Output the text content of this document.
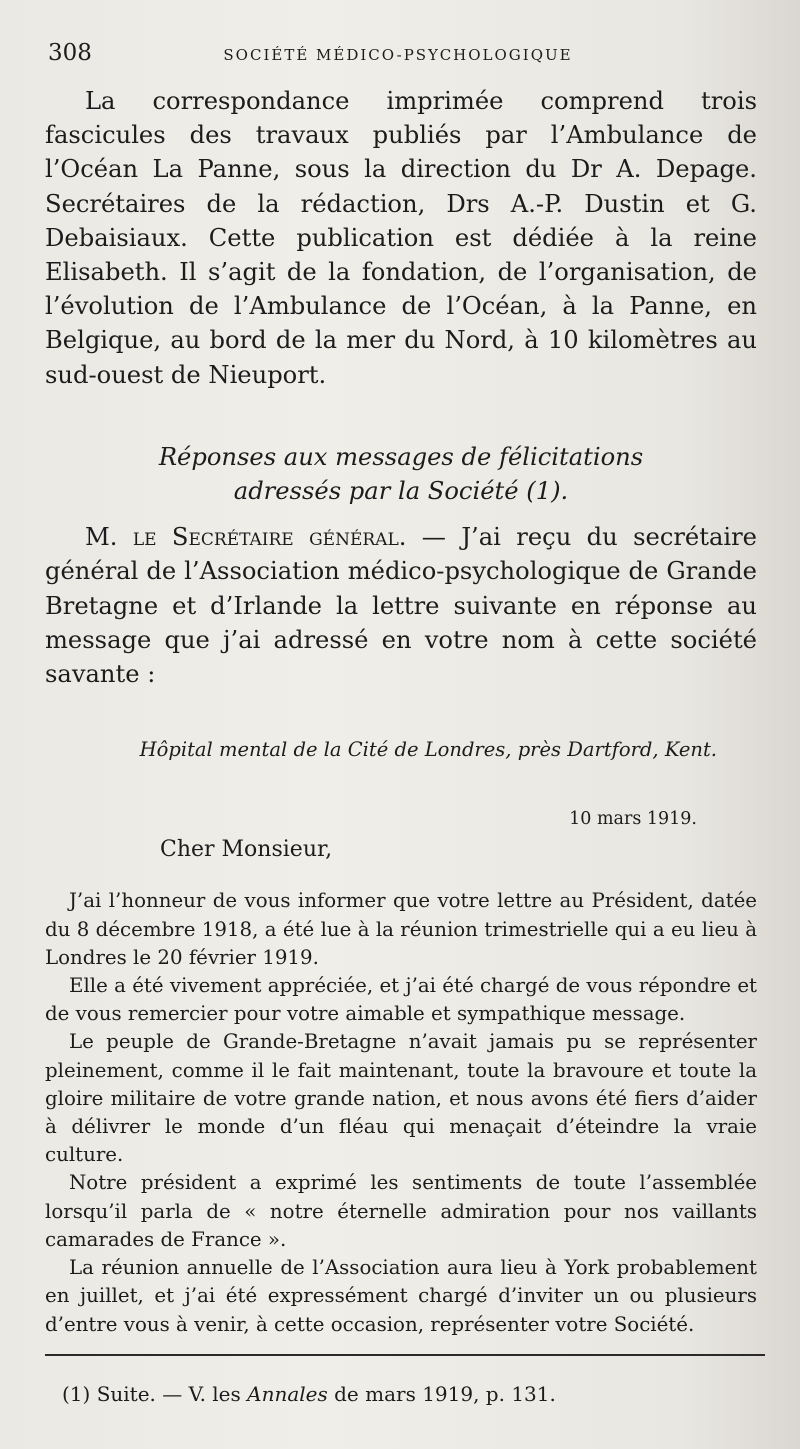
308	SOCIÉTÉ MÉDICO-PSYCHOLOGIQUE

La correspondance imprimée comprend trois fascicules des travaux publiés par l’Ambulance de l’Océan La Panne, sous la direction du Dr A. Depage. Secrétaires de la rédaction, Drs A.-P. Dustin et G. Debaisiaux. Cette publication est dédiée à la reine Elisabeth. Il s’agit de la fondation, de l’organisation, de l’évolution de l’Ambulance de l’Océan, à la Panne, en Belgique, au bord de la mer du Nord, à 10 kilomètres au sud-ouest de Nieuport.

Réponses aux messages de félicitations
adressés par la Société (1).

M. le Secrétaire général. — J’ai reçu du secrétaire général de l’Association médico-psychologique de Grande Bretagne et d’Irlande la lettre suivante en réponse au message que j’ai adressé en votre nom à cette société savante :

Hôpital mental de la Cité de Londres, près Dartford, Kent.
10 mars 1919.
Cher Monsieur,

J’ai l’honneur de vous informer que votre lettre au Président, datée du 8 décembre 1918, a été lue à la réunion trimestrielle qui a eu lieu à Londres le 20 février 1919.

Elle a été vivement appréciée, et j’ai été chargé de vous répondre et de vous remercier pour votre aimable et sympathique message.

Le peuple de Grande-Bretagne n’avait jamais pu se représenter pleinement, comme il le fait maintenant, toute la bravoure et toute la gloire militaire de votre grande nation, et nous avons été fiers d’aider à délivrer le monde d’un fléau qui menaçait d’éteindre la vraie culture.

Notre président a exprimé les sentiments de toute l’assemblée lorsqu’il parla de « notre éternelle admiration pour nos vaillants camarades de France ».

La réunion annuelle de l’Association aura lieu à York probablement en juillet, et j’ai été expressément chargé d’inviter un ou plusieurs d’entre vous à venir, à cette occasion, représenter votre Société.

(1) Suite. — V. les Annales de mars 1919, p. 131.
